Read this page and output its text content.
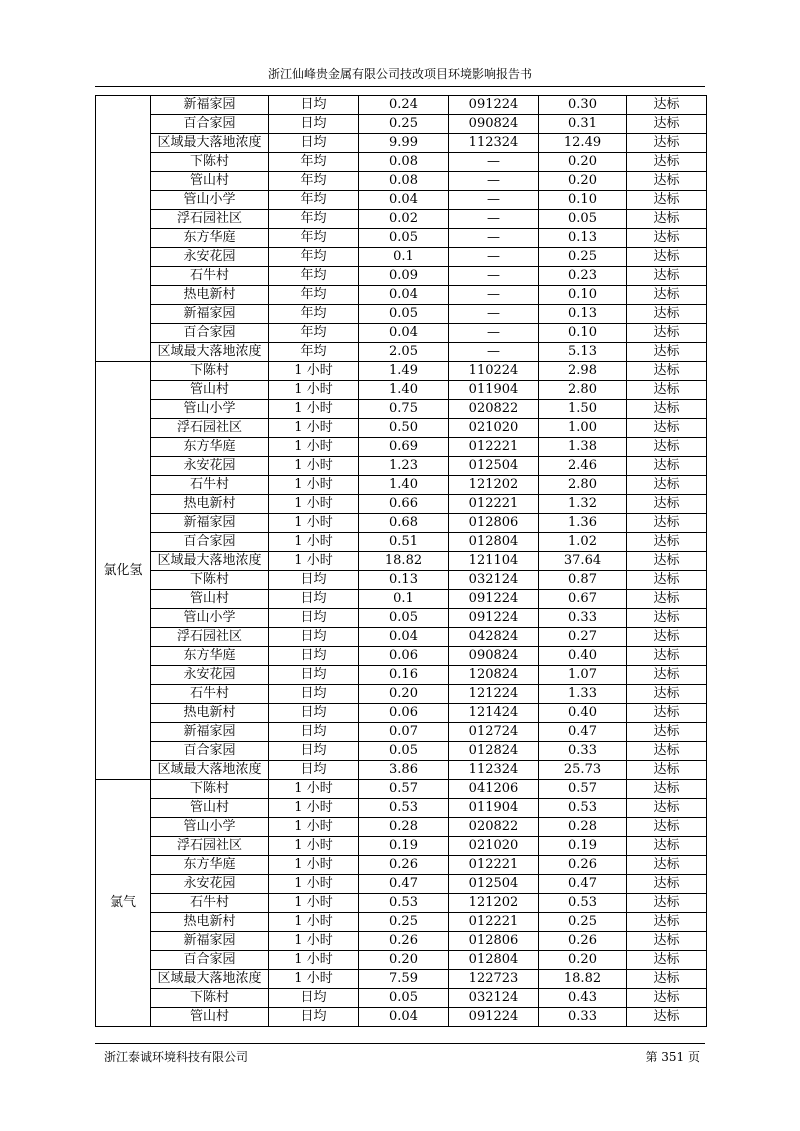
浙江仙峰贵金属有限公司技改项目环境影响报告书
	新福家园	日均	0.24	091224	0.30	达标
	百合家园	日均	0.25	090824	0.31	达标
	区域最大落地浓度	日均	9.99	112324	12.49	达标
	下陈村	年均	0.08	—	0.20	达标
	管山村	年均	0.08	—	0.20	达标
	管山小学	年均	0.04	—	0.10	达标
	浮石园社区	年均	0.02	—	0.05	达标
	东方华庭	年均	0.05	—	0.13	达标
	永安花园	年均	0.1	—	0.25	达标
	石牛村	年均	0.09	—	0.23	达标
	热电新村	年均	0.04	—	0.10	达标
	新福家园	年均	0.05	—	0.13	达标
	百合家园	年均	0.04	—	0.10	达标
	区域最大落地浓度	年均	2.05	—	5.13	达标
氯化氢	下陈村	1 小时	1.49	110224	2.98	达标
	管山村	1 小时	1.40	011904	2.80	达标
	管山小学	1 小时	0.75	020822	1.50	达标
	浮石园社区	1 小时	0.50	021020	1.00	达标
	东方华庭	1 小时	0.69	012221	1.38	达标
	永安花园	1 小时	1.23	012504	2.46	达标
	石牛村	1 小时	1.40	121202	2.80	达标
	热电新村	1 小时	0.66	012221	1.32	达标
	新福家园	1 小时	0.68	012806	1.36	达标
	百合家园	1 小时	0.51	012804	1.02	达标
	区域最大落地浓度	1 小时	18.82	121104	37.64	达标
	下陈村	日均	0.13	032124	0.87	达标
	管山村	日均	0.1	091224	0.67	达标
	管山小学	日均	0.05	091224	0.33	达标
	浮石园社区	日均	0.04	042824	0.27	达标
	东方华庭	日均	0.06	090824	0.40	达标
	永安花园	日均	0.16	120824	1.07	达标
	石牛村	日均	0.20	121224	1.33	达标
	热电新村	日均	0.06	121424	0.40	达标
	新福家园	日均	0.07	012724	0.47	达标
	百合家园	日均	0.05	012824	0.33	达标
	区域最大落地浓度	日均	3.86	112324	25.73	达标
氯气	下陈村	1 小时	0.57	041206	0.57	达标
	管山村	1 小时	0.53	011904	0.53	达标
	管山小学	1 小时	0.28	020822	0.28	达标
	浮石园社区	1 小时	0.19	021020	0.19	达标
	东方华庭	1 小时	0.26	012221	0.26	达标
	永安花园	1 小时	0.47	012504	0.47	达标
	石牛村	1 小时	0.53	121202	0.53	达标
	热电新村	1 小时	0.25	012221	0.25	达标
	新福家园	1 小时	0.26	012806	0.26	达标
	百合家园	1 小时	0.20	012804	0.20	达标
	区域最大落地浓度	1 小时	7.59	122723	18.82	达标
	下陈村	日均	0.05	032124	0.43	达标
	管山村	日均	0.04	091224	0.33	达标
浙江泰诚环境科技有限公司	第 351 页
